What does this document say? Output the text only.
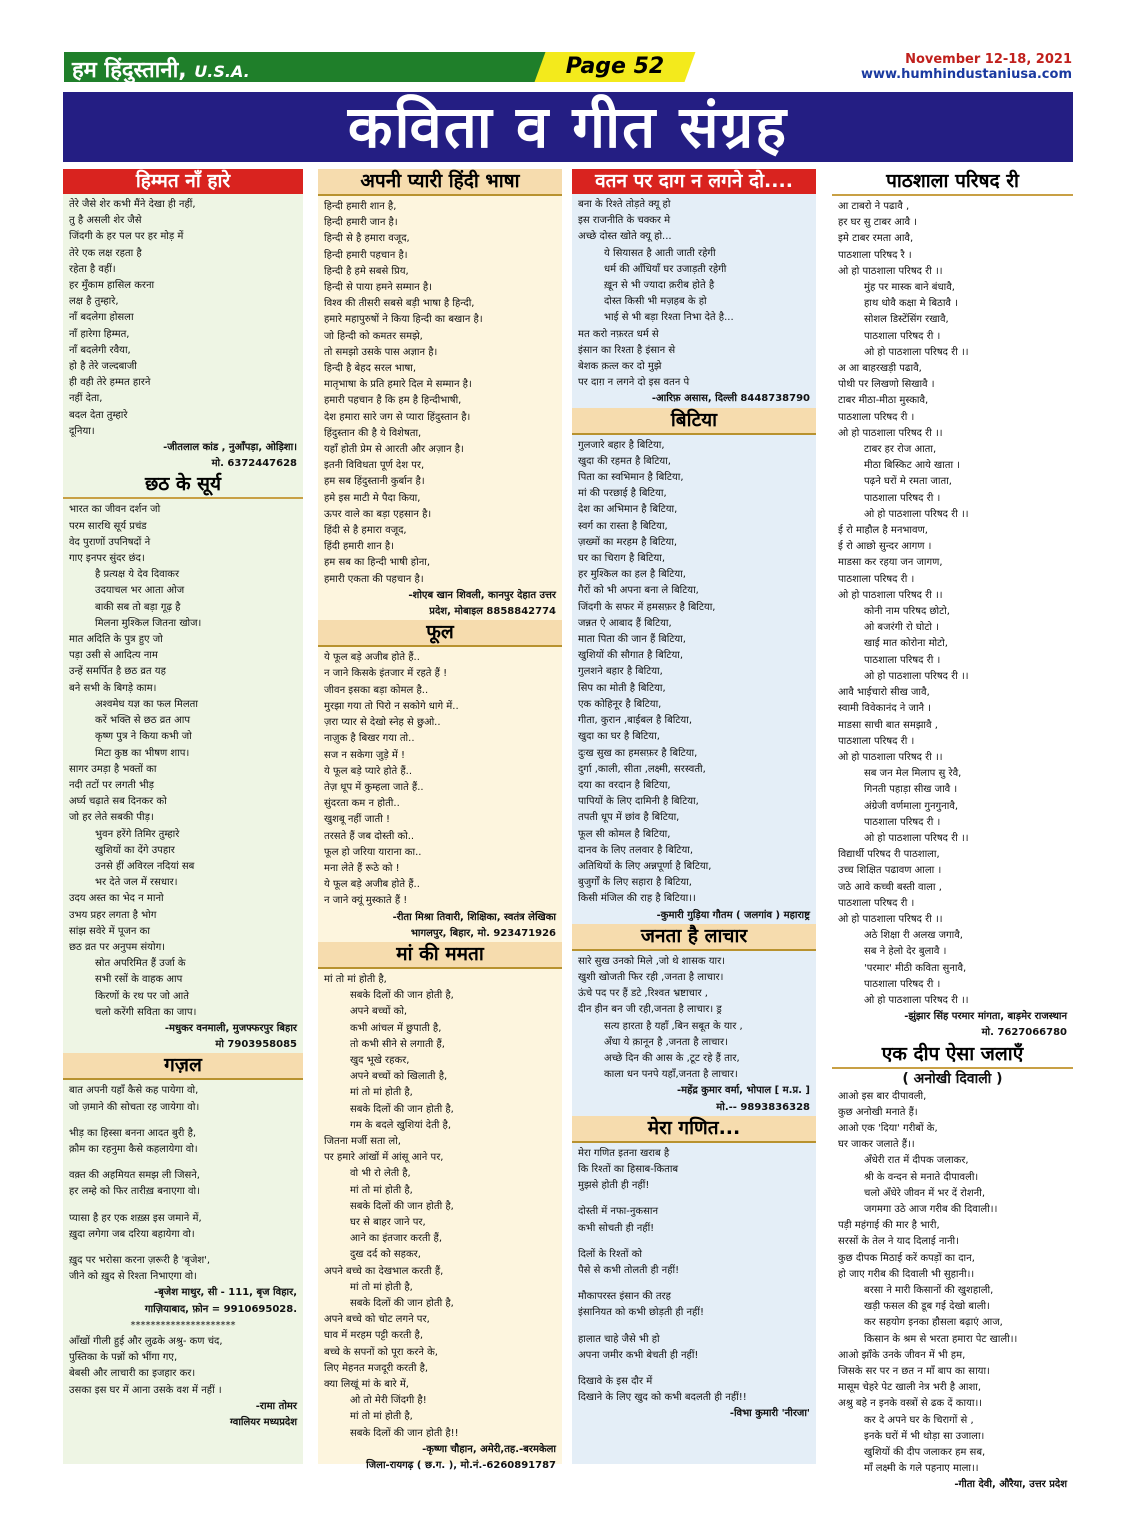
हम हिंदुस्तानी, U.S.A.	Page 52	November 12-18, 2021
www.humhindustaniusa.com
कविता व गीत संग्रह
हिम्मत नाँ हारे
तेरे जैसे शेर कभी मैंने देखा ही नहीं,
तु है असली शेर जैसे
जिंदगी के हर पल पर हर मोड़ में
तेरे एक लक्ष रहता है
रहेता है वहीं।
हर मुँकाम हासिल करना
लक्ष है तुम्हारे,
नाँ बदलेगा होसला
नाँ हारेगा हिम्मत,
नाँ बदलेगी रवैया,
हो है तेरे जल्दबाजी
ही वही तेरे हम्मत हारने
नहीं देता,
बदल देता तुम्हारे
दूनिया।
-जीतलाल कांड , नुआँपड़ा, ओड़िशा।
मो. 6372447628
छठ के सूर्य
भारत का जीवन दर्शन जो
परम सारथि सूर्य प्रचंड
वेद पुराणों उपनिषदों ने
गाए इनपर सुंदर छंद।
है प्रत्यक्ष ये देव दिवाकर
उदयाचल भर आता ओज
बाकी सब तो बड़ा गूढ़ है
मिलना मुश्किल जितना खोज।
मात अदिति के पुत्र हुए जो
पड़ा उसी से आदित्य नाम
उन्हें समर्पित है छठ व्रत यह
बने सभी के बिगड़े काम।
अश्वमेध यज्ञ का फल मिलता
करें भक्ति से छठ व्रत आप
कृष्ण पुत्र ने किया कभी जो
मिटा कुष्ठ का भीषण शाप।
सागर उमड़ा है भक्तों का
नदी तटों पर लगती भीड़
अर्घ्य चढ़ाते सब दिनकर को
जो हर लेते सबकी पीड़।
भुवन हरेंगे तिमिर तुम्हारे
खुशियों का देंगे उपहार
उनसे हीं अविरल नदियां सब
भर देते जल में रसधार।
उदय अस्त का भेद न मानो
उभय प्रहर लगता है भोग
सांझ सवेरे में पूजन का
छठ व्रत पर अनुपम संयोग।
स्रोत अपरिमित हैं उर्जा के
सभी रसों के वाहक आप
किरणों के रथ पर जो आते
चलो करेंगी सविता का जाप।
-मधुकर वनमाली, मुजफ्फरपुर बिहार
मो 7903958085
गज़ल
बात अपनी यहाँ कैसे कह पायेगा वो,
जो ज़माने की सोचता रह जायेगा वो।
भीड़ का हिस्सा बनना आदत बुरी है,
क़ौम का रहनुमा कैसे कहलायेगा वो।
वक़्त की अहमियत समझ ली जिसने,
हर लम्हे को फिर तारीख़ बनाएगा वो।
प्यासा है हर एक शख़्स इस जमाने में,
ख़ुदा लगेगा जब दरिया बहायेगा वो।
ख़ुद पर भरोसा करना ज़रूरी है 'बृजेश',
जीने को ख़ुद से रिश्ता निभाएगा वो।
-बृजेश माथुर, सी - 111, बृज विहार,
गाज़ियाबाद, फ़ोन = 9910695028.
*********************
आँखों गीली हुई और लुढके अश्रु- कण चंद,
पुस्तिका के पन्नों को भींगा गए,
बेबसी और लाचारी का इजहार कर।
उसका इस घर में आना उसके वश में नहीं ।
-रामा तोमर
ग्वालियर मध्यप्रदेश
अपनी प्यारी हिंदी भाषा
हिन्दी हमारी शान है,
हिन्दी हमारी जान है।
हिन्दी से है हमारा वजूद,
हिन्दी हमारी पहचान है।
हिन्दी है हमे सबसे प्रिय,
हिन्दी से पाया हमने सम्मान है।
विश्व की तीसरी सबसे बड़ी भाषा है हिन्दी,
हमारे महापुरुषों ने किया हिन्दी का बखान है।
जो हिन्दी को कमतर समझे,
तो समझो उसके पास अज्ञान है।
हिन्दी है बेहद सरल भाषा,
मातृभाषा के प्रति हमारे दिल मे सम्मान है।
हमारी पहचान है कि हम है हिन्दीभाषी,
देश हमारा सारे जग से प्यारा हिंदुस्तान है।
हिंदुस्तान की है ये विशेषता,
यहाँ होती प्रेम से आरती और अज़ान है।
इतनी विविधता पूर्ण देश पर,
हम सब हिंदुस्तानी कुर्बान है।
हमे इस माटी मे पैदा किया,
ऊपर वाले का बड़ा एहसान है।
हिंदी से है हमारा वजूद,
हिंदी हमारी शान है।
हम सब का हिन्दी भाषी होना,
हमारी एकता की पहचान है।
-शोएब खान शिवली, कानपुर देहात उत्तर
प्रदेश, मोबाइल 8858842774
फूल
ये फूल बड़े अजीब होते हैं..
न जाने किसके इंतजार में रहते हैं !
जीवन इसका बड़ा कोमल है..
मुरझा गया तो पिरो न सकोगे धागे में..
ज़रा प्यार से देखो स्नेह से छुओ..
नाज़ुक है बिखर गया तो..
सज न सकेगा जुड़े में !
ये फूल बड़े प्यारे होते हैं..
तेज़ धूप में कुम्हला जाते हैं..
सुंदरता कम न होती..
खुशबू नहीं जाती !
तरसते हैं जब दोस्ती को..
फूल हो जरिया याराना का..
मना लेते हैं रूठे को !
ये फूल बड़े अजीब होते हैं..
न जाने क्यूं मुस्काते हैं !
-रीता मिश्रा तिवारी, शिक्षिका, स्वतंत्र लेखिका
भागलपुर, बिहार, मो. 923471926
मां की ममता
मां तो मां होती है,
सबके दिलों की जान होती है,
अपने बच्चों को,
कभी आंचल में छुपाती है,
तो कभी सीने से लगाती हैं,
खुद भूखे रहकर,
अपने बच्चों को खिलाती है,
मां तो मां होती है,
सबके दिलों की जान होती है,
गम के बदले खुशियां देती है,
जितना मर्जी सता लो,
पर हमारे आंखों में आंसू आने पर,
वो भी रो लेती है,
मां तो मां होती है,
सबके दिलों की जान होती है,
घर से बाहर जाने पर,
आने का इंतजार करती हैं,
दुख दर्द को सहकर,
अपने बच्चे का देखभाल करती हैं,
मां तो मां होती है,
सबके दिलों की जान होती है,
अपने बच्चे को चोट लगने पर,
घाव में मरहम पट्टी करती है,
बच्चे के सपनों को पूरा करने के,
लिए मेहनत मजदूरी करती है,
क्या लिखूं मां के बारे में,
ओ तो मेरी जिंदगी है!
मां तो मां होती है,
सबके दिलों की जान होती है!!
-कृष्णा चौहान, अमेरी,तह.-बरमकेला
जिला-रायगढ़ ( छ.ग. ), मो.नं.-6260891787
वतन पर दाग न लगने दो....
बना के रिश्ते तोड़ते क्यू हो
इस राजनीति के चक्कर मे
अच्छे दोस्त खोते क्यू हो...
ये सियासत है आती जाती रहेगी
धर्म की आँधियाँ घर उजाड़ती रहेगी
ख़ून से भी ज्यादा क़रीब होते है
दोस्त किसी भी मज़हब के हो
भाई से भी बड़ा रिश्ता निभा देते है...
मत करो नफ़रत धर्म से
इंसान का रिश्ता है इंसान से
बेशक क़त्ल कर दो मुझे
पर दाग़ न लगने दो इस वतन पे
-आरिफ़ असास, दिल्ली 8448738790
बिटिया
गुलजारे बहार है बिटिया,
खुदा की रहमत है बिटिया,
पिता का स्वभिमान है बिटिया,
मां की परछाई है बिटिया,
देश का अभिमान है बिटिया,
स्वर्ग का रास्ता है बिटिया,
ज़ख्मों का मरहम है बिटिया,
घर का चिराग है बिटिया,
हर मुश्किल का हल है बिटिया,
गैरों को भी अपना बना ले बिटिया,
जिंदगी के सफर में हमसफ़र है बिटिया,
जन्नत ऐ आबाद हैं बिटिया,
माता पिता की जान हैं बिटिया,
खुशियों की सौगात है बिटिया,
गुलशने बहार है बिटिया,
सिप का मोती है बिटिया,
एक कोहिनूर है बिटिया,
गीता, कुरान ,बाईबल है बिटिया,
खुदा का घर है बिटिया,
दुःख सुख का हमसफ़र है बिटिया,
दुर्गा ,काली, सीता ,लक्ष्मी, सरस्वती,
दया का वरदान है बिटिया,
पापियों के लिए दामिनी है बिटिया,
तपती धूप में छांव है बिटिया,
फूल सी कोमल है बिटिया,
दानव के लिए तलवार है बिटिया,
अतिथियों के लिए अन्नपूर्णा है बिटिया,
बुजुर्गों के लिए सहारा है बिटिया,
किसी मंजिल की राह है बिटिया।।
-कुमारी गुड़िया गौतम ( जलगांव ) महाराष्ट्र
जनता है लाचार
सारे सुख उनको मिले ,जो थे शासक यार।
खुशी खोजती फिर रही ,जनता है लाचार।
ऊंचे पद पर हैं डटे ,रिश्वत भ्रष्टाचार ,
दीन हीन बन जी रही,जनता है लाचार। ड्र
सत्य हारता है यहाँ ,बिन सबूत के यार ,
अँधा ये क़ानून है ,जनता है लाचार।
अच्छे दिन की आस के ,टूट रहे हैं तार,
काला धन पनपे यहाँ,जनता है लाचार।
-महेंद्र कुमार वर्मा, भोपाल [ म.प्र. ]
मो.-- 9893836328
मेरा गणित...
मेरा गणित इतना खराब है
कि रिश्तों का हिसाब-किताब
मुझसे होती ही नहीं!
दोस्ती में नफा-नुकसान
कभी सोचती ही नहीं!
दिलों के रिश्तों को
पैसे से कभी तोलती ही नहीं!
मौकापरस्त इंसान की तरह
इंसानियत को कभी छोड़ती ही नहीं!
हालात चाहे जैसे भी हो
अपना जमीर कभी बेचती ही नहीं!
दिखावे के इस दौर में
दिखाने के लिए खुद को कभी बदलती ही नहीं!!
-विभा कुमारी 'नीरजा'
पाठशाला परिषद री
आ टाबरो ने पढावै ,
हर घर सु टाबर आवै ।
इमे टाबर रमता आवै,
पाठशाला परिषद रै ।
ओ हो पाठशाला परिषद री ।।
मुंह पर मास्क बाने बंधावै,
हाथ धोवै कक्षा मे बिठावै ।
सोशल डिस्टेंसिंग रखावै,
पाठशाला परिषद री ।
ओ हो पाठशाला परिषद री ।।
अ आ बाहरखड़ी पढावै,
पोथी पर लिखणो सिखावै ।
टाबर मीठा-मीठा मुस्कावै,
पाठशाला परिषद री ।
ओ हो पाठशाला परिषद री ।।
टाबर हर रोज आता,
मीठा बिस्किट आये खाता ।
पढ़ने घरों मे रमता जाता,
पाठशाला परिषद री ।
ओ हो पाठशाला परिषद री ।।
ई रो माहौल है मनभावण,
ई रो आछो सुन्दर आगण ।
माडसा कर रहया जन जागण,
पाठशाला परिषद री ।
ओ हो पाठशाला परिषद री ।।
कोनी नाम परिषद छोटो,
ओ बजरंगी रो घोटो ।
खाई मात कोरोना मोटो,
पाठशाला परिषद री ।
ओ हो पाठशाला परिषद री ।।
आवै भाईचारो सीख जावै,
स्वामी विवेकानंद ने जानै ।
माडसा साची बात समझावै ,
पाठशाला परिषद री ।
ओ हो पाठशाला परिषद री ।।
सब जन मेल मिलाप सु रेवै,
गिनती पहाड़ा सीख जावै ।
अंग्रेजी वर्णमाला गुनगुनावै,
पाठशाला परिषद री ।
ओ हो पाठशाला परिषद री ।।
विद्यार्थी परिषद री पाठशाला,
उच्च शिक्षित पढावण आला ।
जठे आवे कच्ची बस्ती वाला ,
पाठशाला परिषद री ।
ओ हो पाठशाला परिषद री ।।
अठे शिक्षा री अलख जगावै,
सब ने हेलो देर बुलावै ।
'परमार' मीठी कविता सुनावै,
पाठशाला परिषद री ।
ओ हो पाठशाला परिषद री ।।
-झुंझार सिंह परमार मांगता, बाड़मेर राजस्थान
मो. 7627066780
एक दीप ऐसा जलाएँ
( अनोखी दिवाली )
आओ इस बार दीपावली,
कुछ अनोखी मनाते हैं।
आओ एक 'दिया' गरीबों के,
घर जाकर जलाते हैं।।
अँधेरी रात में दीपक जलाकर,
श्री के वन्दन से मनाते दीपावली।
चलो अँधेरे जीवन में भर दें रोशनी,
जगमगा उठे आज गरीब की दिवाली।।
पड़ी महंगाई की मार है भारी,
सरसों के तेल ने याद दिलाई नानी।
कुछ दीपक मिठाई करें कपड़ों का दान,
हो जाए गरीब की दिवाली भी सुहानी।।
बरसा ने मारी किसानों की खुशहाली,
खड़ी फसल की डूब गई देखो बाली।
कर सहयोग इनका हौसला बढ़ाएं आज,
किसान के श्रम से भरता हमारा पेट खाली।।
आओ झाँके उनके जीवन में भी हम,
जिसके सर पर न छत न माँ बाप का साया।
मासूम चेहरे पेट खाली नेत्र भरी है आशा,
अश्रु बहे न इनके वस्त्रों से ढक दें काया।।
कर दे अपने घर के चिरागों से ,
इनके घरों में भी थोड़ा सा उजाला।
खुशियों की दीप जलाकर हम सब,
माँ लक्ष्मी के गले पहनाए माला।।
-गीता देवी, औरैया, उत्तर प्रदेश
